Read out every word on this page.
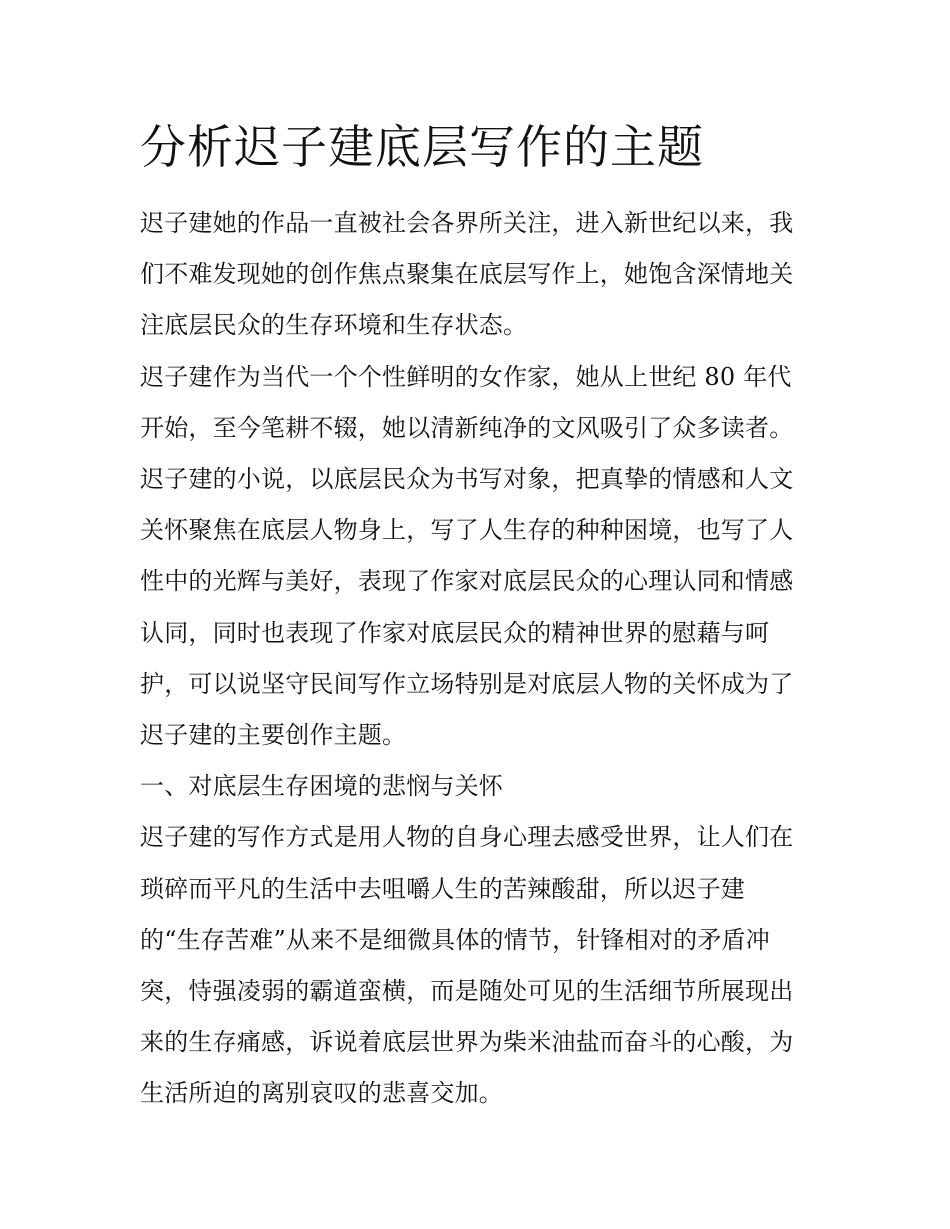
分析迟子建底层写作的主题

迟子建她的作品一直被社会各界所关注，进入新世纪以来，我
们不难发现她的创作焦点聚集在底层写作上，她饱含深情地关
注底层民众的生存环境和生存状态。

迟子建作为当代一个个性鲜明的女作家，她从上世纪 80 年代
开始，至今笔耕不辍，她以清新纯净的文风吸引了众多读者。
迟子建的小说，以底层民众为书写对象，把真挚的情感和人文
关怀聚焦在底层人物身上，写了人生存的种种困境，也写了人
性中的光辉与美好，表现了作家对底层民众的心理认同和情感
认同，同时也表现了作家对底层民众的精神世界的慰藉与呵
护，可以说坚守民间写作立场特别是对底层人物的关怀成为了
迟子建的主要创作主题。

一、对底层生存困境的悲悯与关怀

迟子建的写作方式是用人物的自身心理去感受世界，让人们在
琐碎而平凡的生活中去咀嚼人生的苦辣酸甜，所以迟子建
的“生存苦难”从来不是细微具体的情节，针锋相对的矛盾冲
突，恃强凌弱的霸道蛮横，而是随处可见的生活细节所展现出
来的生存痛感，诉说着底层世界为柴米油盐而奋斗的心酸，为
生活所迫的离别哀叹的悲喜交加。
